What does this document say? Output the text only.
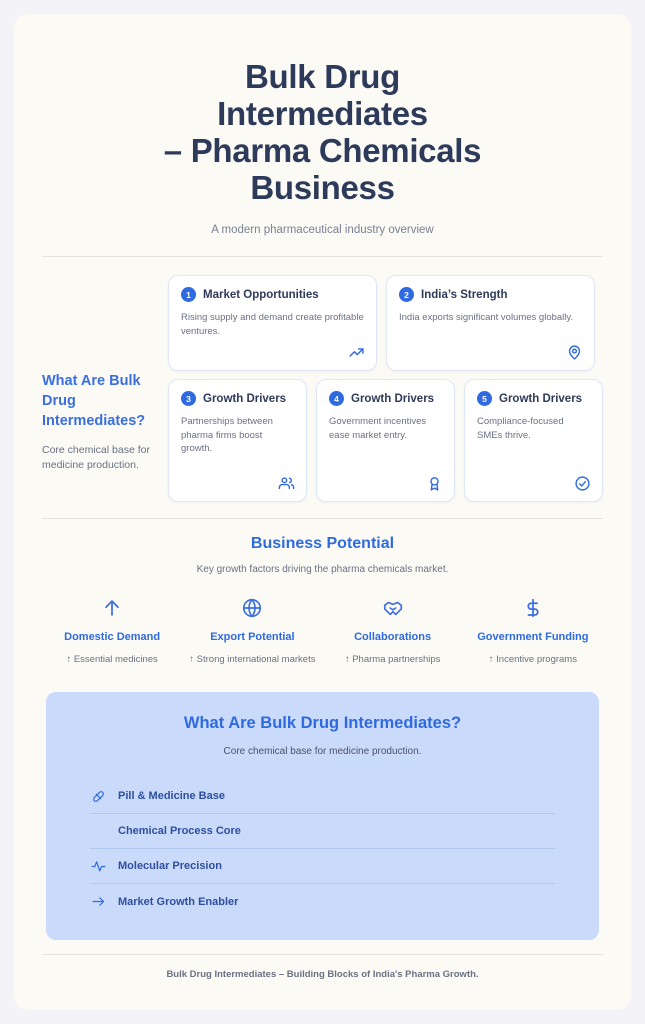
Bulk Drug
Intermediates
– Pharma Chemicals
Business
A modern pharmaceutical industry overview
What Are Bulk Drug
Intermediates?
Core chemical base for medicine production.
1	Market Opportunities
Rising supply and demand create profitable ventures.
2	India’s Strength
India exports significant volumes globally.
3	Growth Drivers
Partnerships between pharma firms boost growth.
4	Growth Drivers
Government incentives ease market entry.
5	Growth Drivers
Compliance-focused SMEs thrive.
Business Potential
Key growth factors driving the pharma chemicals market.
Domestic Demand
↑ Essential medicines
Export Potential
↑ Strong international markets
Collaborations
↑ Pharma partnerships
Government Funding
↑ Incentive programs
What Are Bulk Drug Intermediates?
Core chemical base for medicine production.
Pill & Medicine Base
Chemical Process Core
Molecular Precision
Market Growth Enabler
Bulk Drug Intermediates – Building Blocks of India's Pharma Growth.
